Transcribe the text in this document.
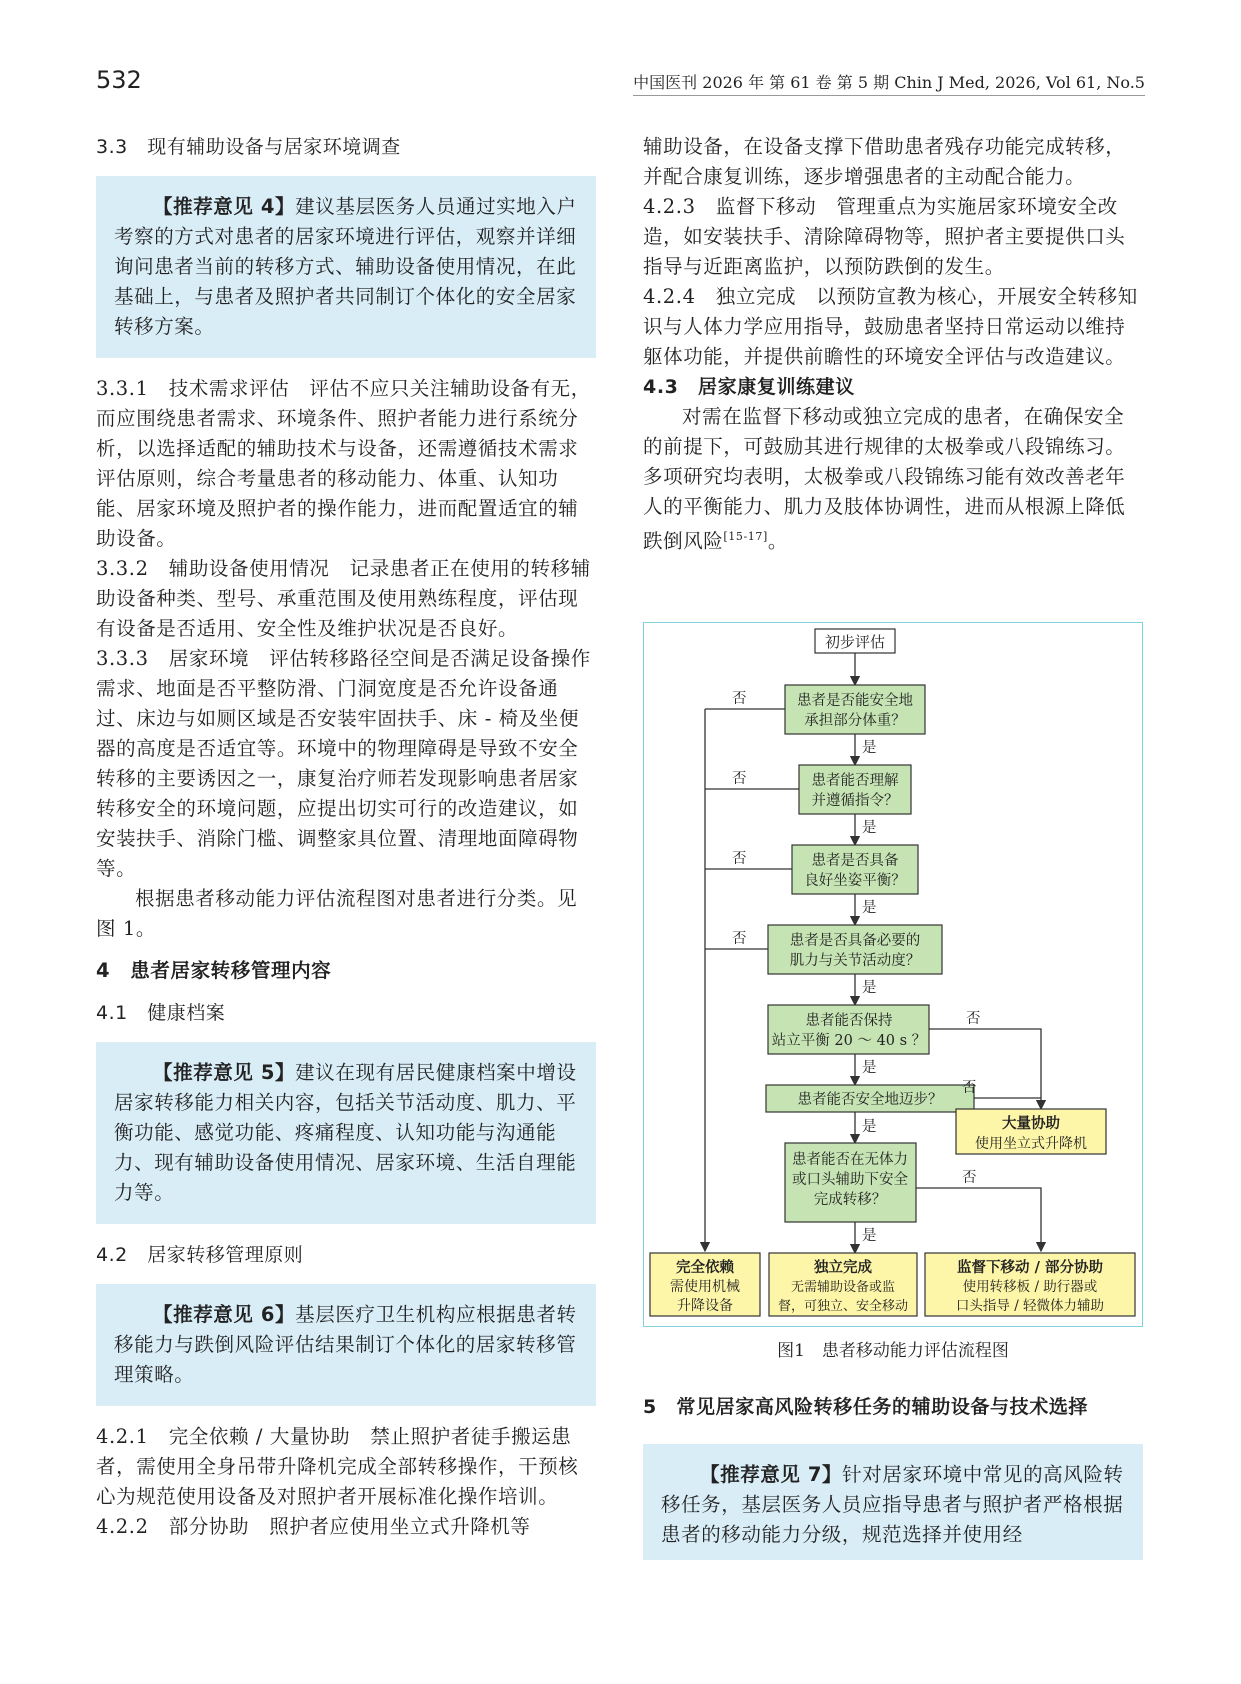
532	中国医刊 2026 年 第 61 卷 第 5 期 Chin J Med, 2026, Vol 61, No.5
3.3　现有辅助设备与居家环境调查

【推荐意见 4】建议基层医务人员通过实地入户考察的方式对患者的居家环境进行评估，观察并详细询问患者当前的转移方式、辅助设备使用情况，在此基础上，与患者及照护者共同制订个体化的安全居家转移方案。

3.3.1　技术需求评估　评估不应只关注辅助设备有无，而应围绕患者需求、环境条件、照护者能力进行系统分析，以选择适配的辅助技术与设备，还需遵循技术需求评估原则，综合考量患者的移动能力、体重、认知功能、居家环境及照护者的操作能力，进而配置适宜的辅助设备。

3.3.2　辅助设备使用情况　记录患者正在使用的转移辅助设备种类、型号、承重范围及使用熟练程度，评估现有设备是否适用、安全性及维护状况是否良好。

3.3.3　居家环境　评估转移路径空间是否满足设备操作需求、地面是否平整防滑、门洞宽度是否允许设备通过、床边与如厕区域是否安装牢固扶手、床 - 椅及坐便器的高度是否适宜等。环境中的物理障碍是导致不安全转移的主要诱因之一，康复治疗师若发现影响患者居家转移安全的环境问题，应提出切实可行的改造建议，如安装扶手、消除门槛、调整家具位置、清理地面障碍物等。

根据患者移动能力评估流程图对患者进行分类。见图 1。

4　患者居家转移管理内容
4.1　健康档案

【推荐意见 5】建议在现有居民健康档案中增设居家转移能力相关内容，包括关节活动度、肌力、平衡功能、感觉功能、疼痛程度、认知功能与沟通能力、现有辅助设备使用情况、居家环境、生活自理能力等。

4.2　居家转移管理原则

【推荐意见 6】基层医疗卫生机构应根据患者转移能力与跌倒风险评估结果制订个体化的居家转移管理策略。

4.2.1　完全依赖 / 大量协助　禁止照护者徒手搬运患者，需使用全身吊带升降机完成全部转移操作，干预核心为规范使用设备及对照护者开展标准化操作培训。

4.2.2　部分协助　照护者应使用坐立式升降机等

辅助设备，在设备支撑下借助患者残存功能完成转移，并配合康复训练，逐步增强患者的主动配合能力。

4.2.3　监督下移动　管理重点为实施居家环境安全改造，如安装扶手、清除障碍物等，照护者主要提供口头指导与近距离监护，以预防跌倒的发生。

4.2.4　独立完成　以预防宣教为核心，开展安全转移知识与人体力学应用指导，鼓励患者坚持日常运动以维持躯体功能，并提供前瞻性的环境安全评估与改造建议。

4.3　居家康复训练建议

对需在监督下移动或独立完成的患者，在确保安全的前提下，可鼓励其进行规律的太极拳或八段锦练习。多项研究均表明，太极拳或八段锦练习能有效改善老年人的平衡能力、肌力及肢体协调性，进而从根源上降低跌倒风险[15-17]。

初步评估
患者是否能安全地
承担部分体重？
患者能否理解
并遵循指令？
患者是否具备
良好坐姿平衡？
患者是否具备必要的
肌力与关节活动度？
患者能否保持
站立平衡 20 ～ 40 s ？
患者能否安全地迈步？
患者能否在无体力
或口头辅助下安全
完成转移？
大量协助
使用坐立式升降机
完全依赖
需使用机械
升降设备
独立完成
无需辅助设备或监
督，可独立、安全移动
监督下移动 / 部分协助
使用转移板 / 助行器或
口头指导 / 轻微体力辅助
是
是
是
是
是
是
是
否
否
否
否
否
否
否
图1　患者移动能力评估流程图
5　常见居家高风险转移任务的辅助设备与技术选择

【推荐意见 7】针对居家环境中常见的高风险转移任务，基层医务人员应指导患者与照护者严格根据患者的移动能力分级，规范选择并使用经
